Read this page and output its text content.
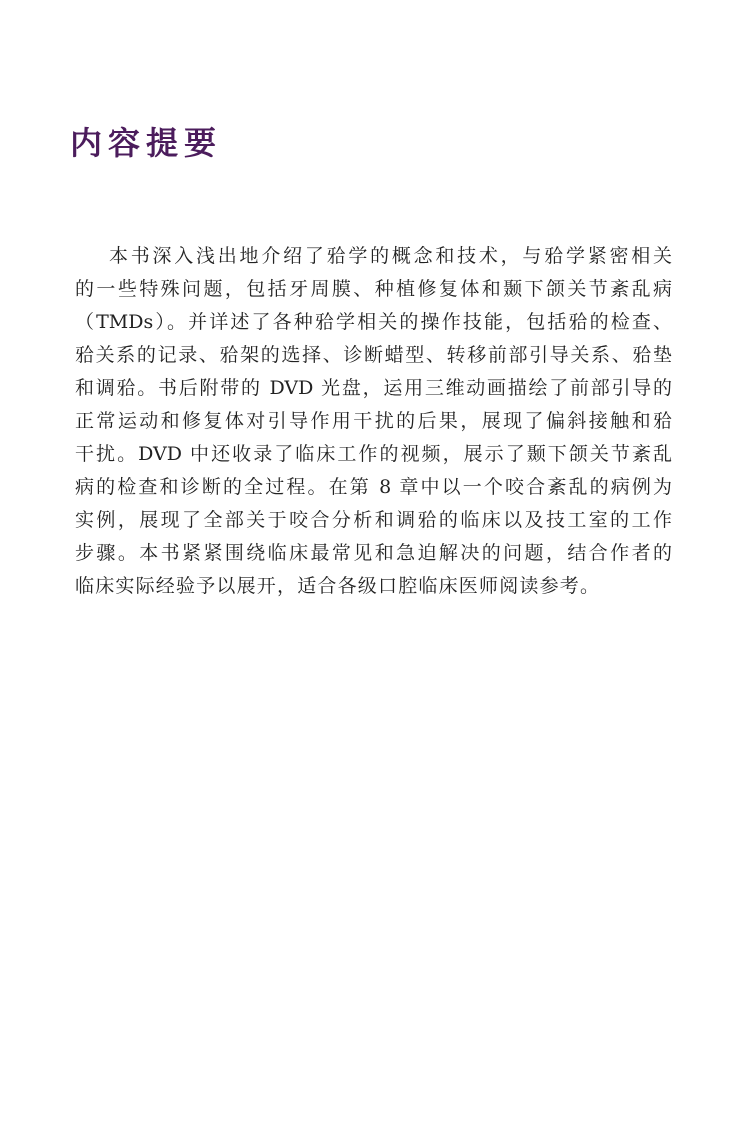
内容提要
本书深入浅出地介绍了𬌗学的概念和技术，与𬌗学紧密相关
的一些特殊问题，包括牙周膜、种植修复体和颞下颌关节紊乱病
（TMDs）。并详述了各种𬌗学相关的操作技能，包括𬌗的检查、
𬌗关系的记录、𬌗架的选择、诊断蜡型、转移前部引导关系、𬌗垫
和调𬌗。书后附带的 DVD 光盘，运用三维动画描绘了前部引导的
正常运动和修复体对引导作用干扰的后果，展现了偏斜接触和𬌗
干扰。DVD 中还收录了临床工作的视频，展示了颞下颌关节紊乱
病的检查和诊断的全过程。在第 8 章中以一个咬合紊乱的病例为
实例，展现了全部关于咬合分析和调𬌗的临床以及技工室的工作
步骤。本书紧紧围绕临床最常见和急迫解决的问题，结合作者的
临床实际经验予以展开，适合各级口腔临床医师阅读参考。
